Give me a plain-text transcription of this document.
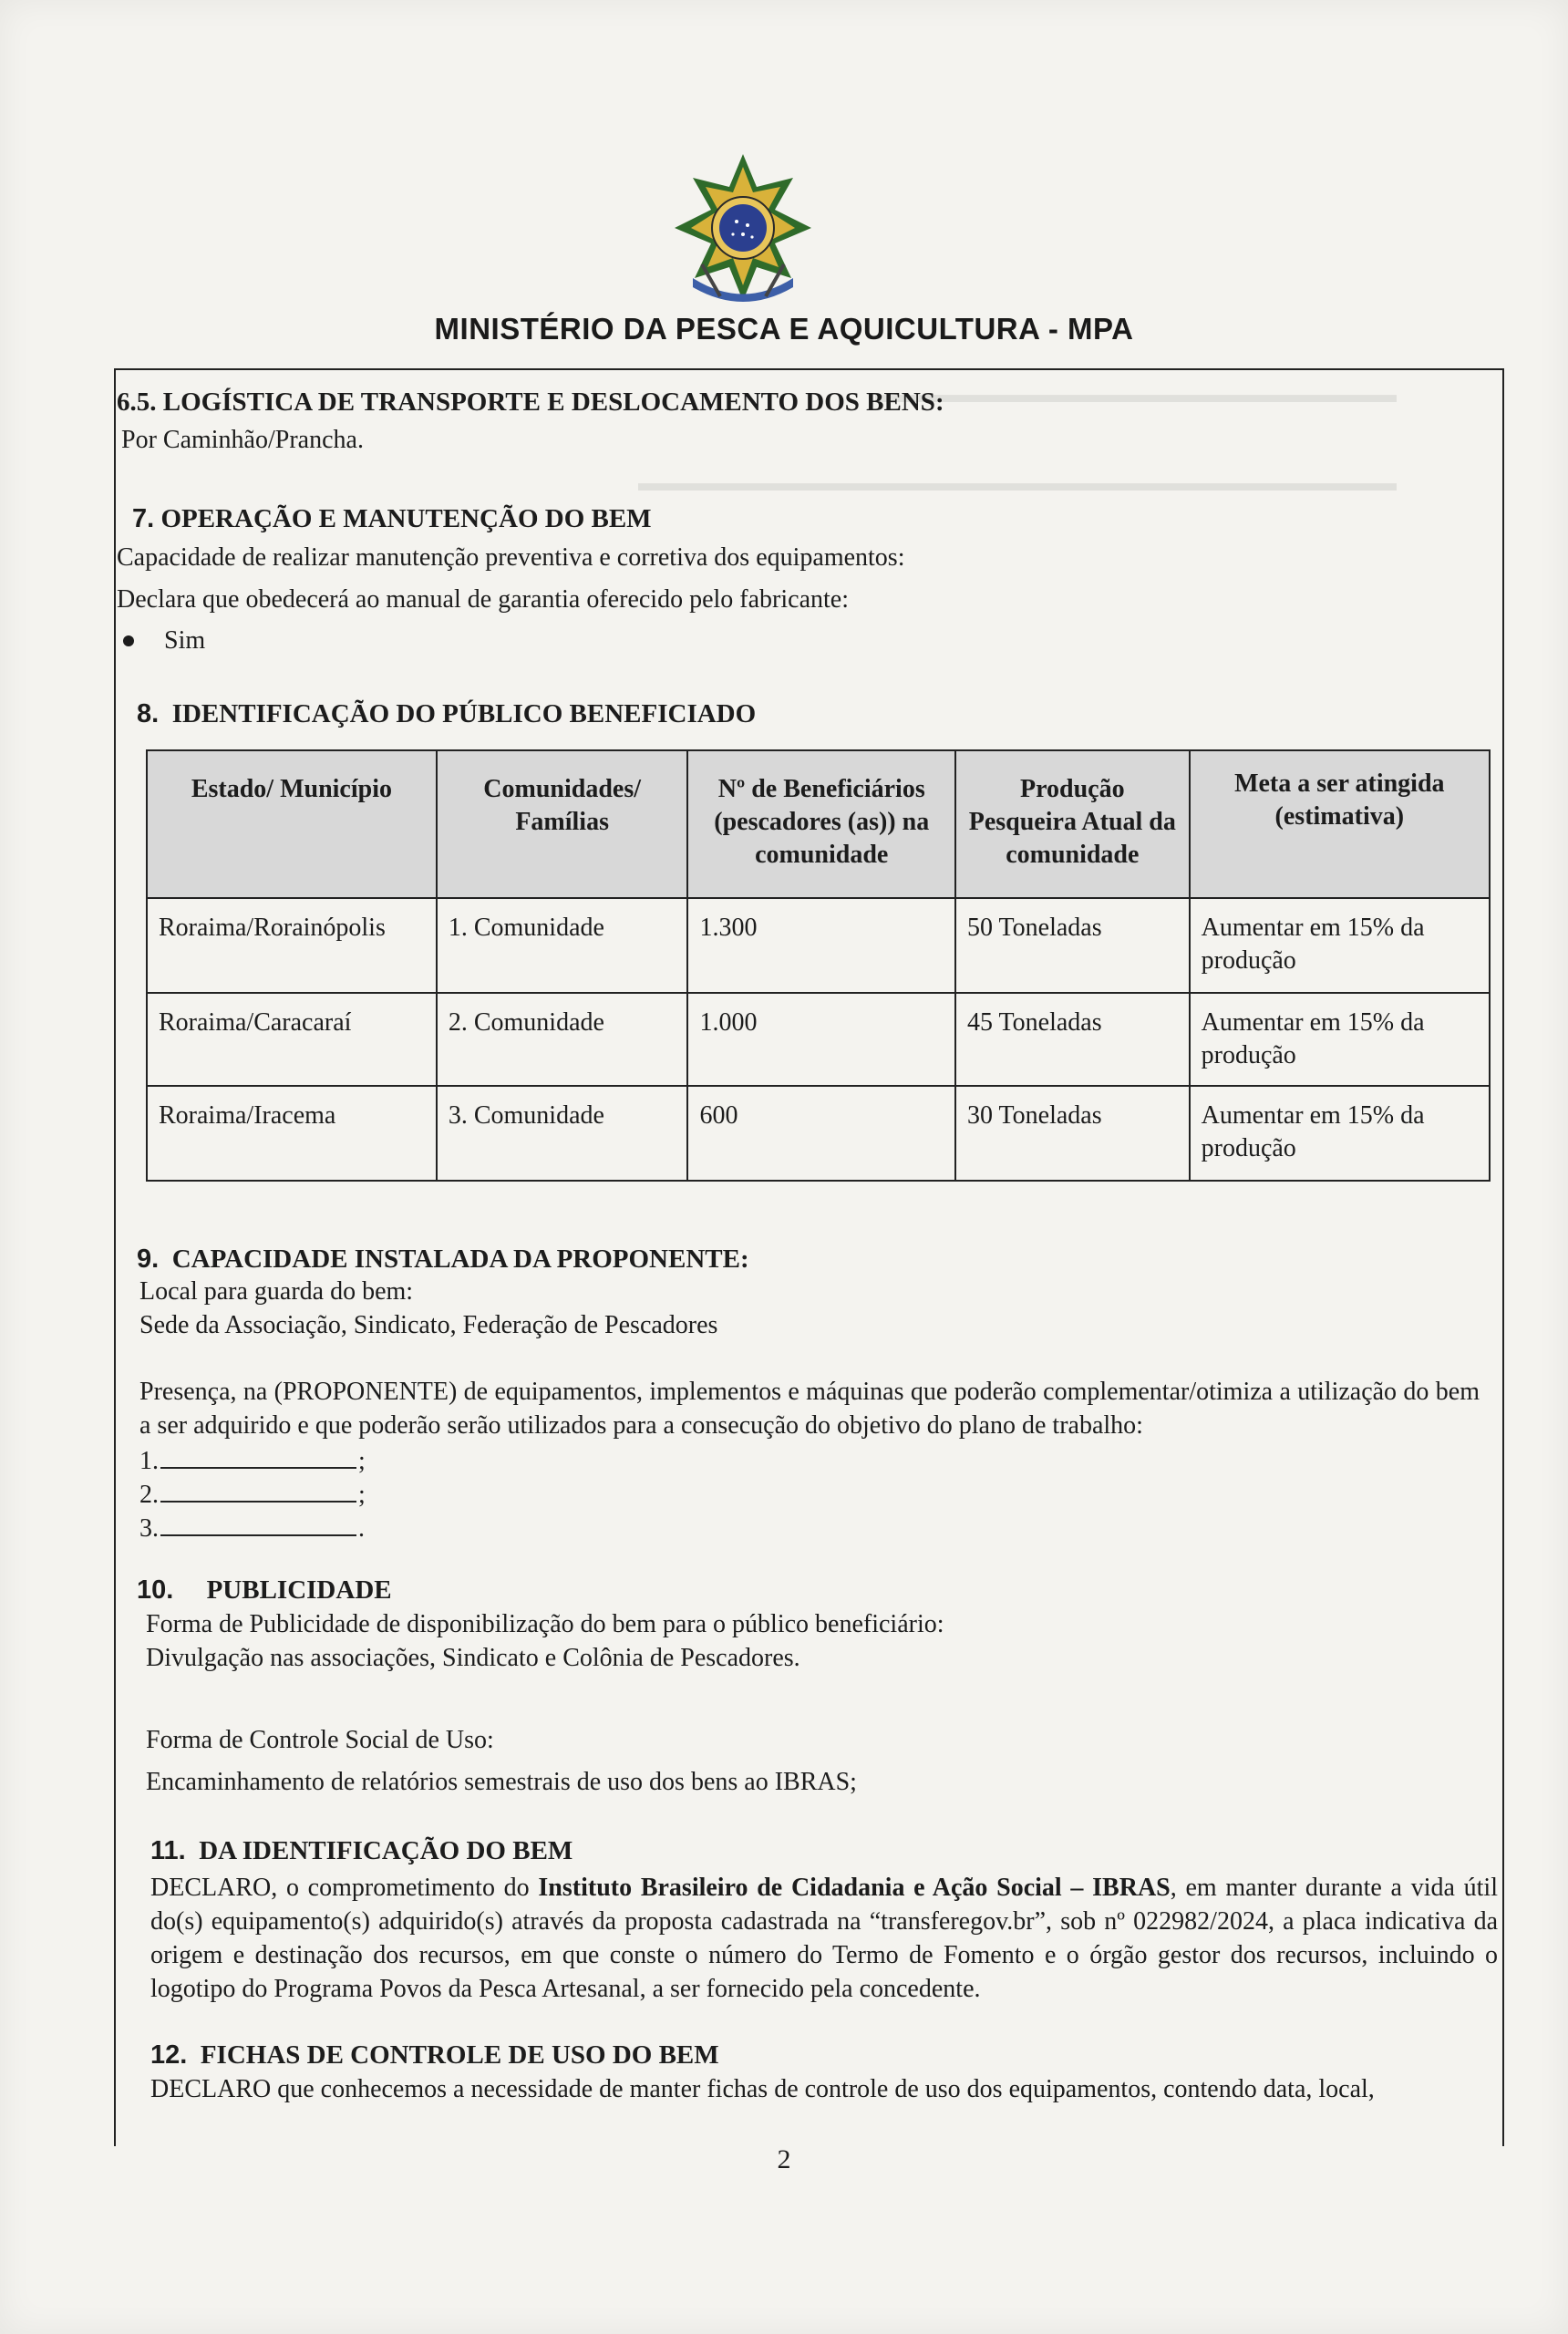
MINISTÉRIO DA PESCA E AQUICULTURA - MPA
▬▬▬▬▬▬▬▬▬▬▬▬▬▬▬▬▬▬▬▬▬▬
▬▬▬▬▬▬▬▬▬▬▬▬▬▬▬▬▬▬▬▬▬▬▬▬▬▬▬▬▬▬▬▬
6.5. LOGÍSTICA DE TRANSPORTE E DESLOCAMENTO DOS BENS:
Por Caminhão/Prancha.
7. OPERAÇÃO E MANUTENÇÃO DO BEM
Capacidade de realizar manutenção preventiva e corretiva dos equipamentos:
Declara que obedecerá ao manual de garantia oferecido pelo fabricante:
Sim
8. IDENTIFICAÇÃO DO PÚBLICO BENEFICIADO
Estado/ Município	Comunidades/ Famílias	Nº de Beneficiários (pescadores (as)) na comunidade	Produção Pesqueira Atual da comunidade	Meta a ser atingida (estimativa)
Roraima/Rorainópolis	1. Comunidade	1.300	50 Toneladas	Aumentar em 15% da produção
Roraima/Caracaraí	2. Comunidade	1.000	45 Toneladas	Aumentar em 15% da produção
Roraima/Iracema	3. Comunidade	600	30 Toneladas	Aumentar em 15% da produção
9. CAPACIDADE INSTALADA DA PROPONENTE:
Local para guarda do bem:
Sede da Associação, Sindicato, Federação de Pescadores
Presença, na (PROPONENTE) de equipamentos, implementos e máquinas que poderão complementar/otimiza a utilização do bem a ser adquirido e que poderão serão utilizados para a consecução do objetivo do plano de trabalho:
1.	;
2.	;
3.	.
10. PUBLICIDADE
Forma de Publicidade de disponibilização do bem para o público beneficiário:
Divulgação nas associações, Sindicato e Colônia de Pescadores.
Forma de Controle Social de Uso:
Encaminhamento de relatórios semestrais de uso dos bens ao IBRAS;
11. DA IDENTIFICAÇÃO DO BEM
DECLARO, o comprometimento do Instituto Brasileiro de Cidadania e Ação Social – IBRAS, em manter durante a vida útil do(s) equipamento(s) adquirido(s) através da proposta cadastrada na “transferegov.br”, sob nº 022982/2024, a placa indicativa da origem e destinação dos recursos, em que conste o número do Termo de Fomento e o órgão gestor dos recursos, incluindo o logotipo do Programa Povos da Pesca Artesanal, a ser fornecido pela concedente.
12. FICHAS DE CONTROLE DE USO DO BEM
DECLARO que conhecemos a necessidade de manter fichas de controle de uso dos equipamentos, contendo data, local,
2
